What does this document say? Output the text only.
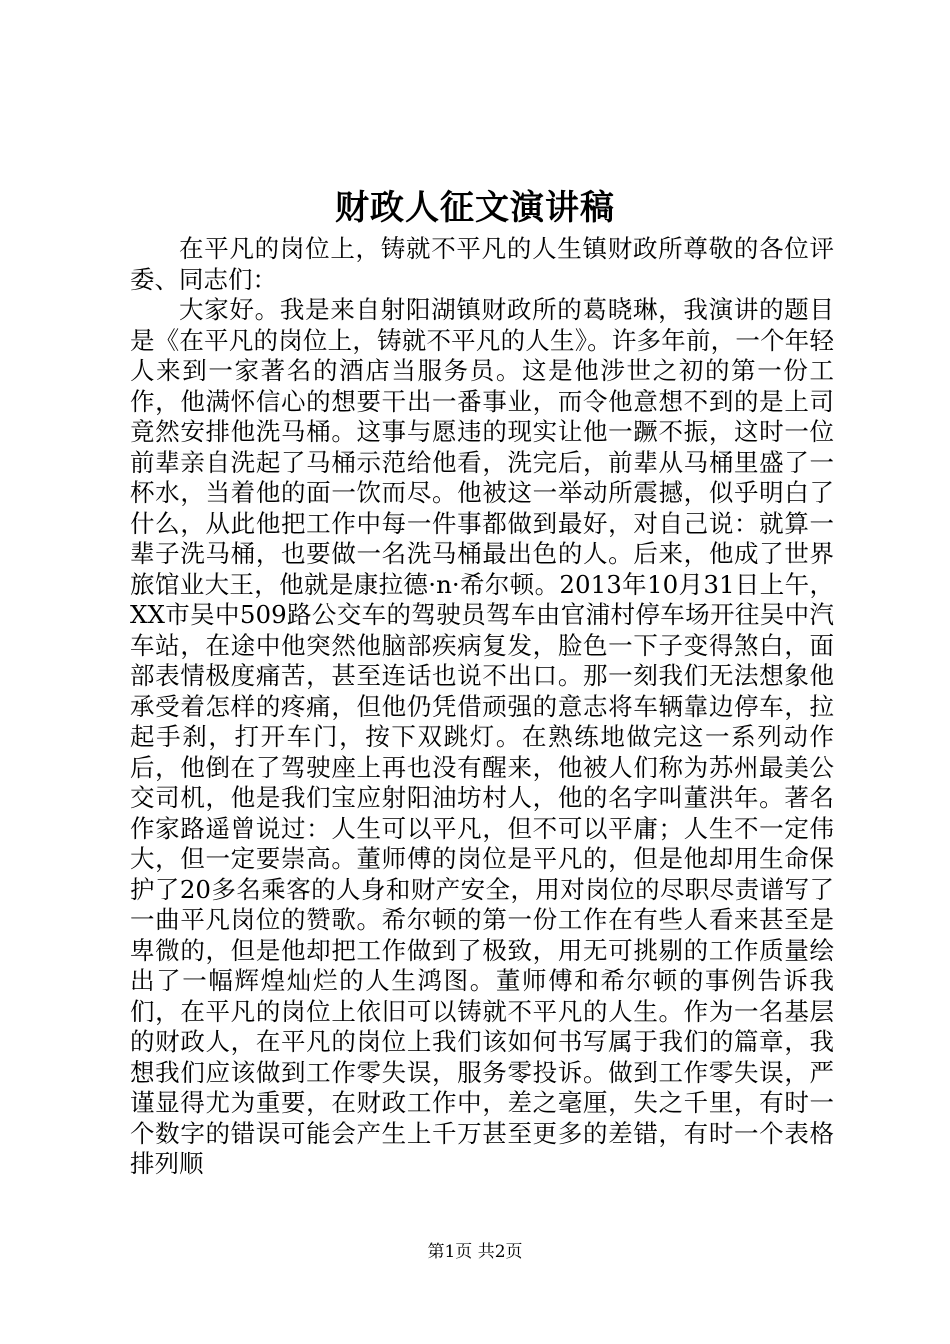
财政人征文演讲稿

在平凡的岗位上，铸就不平凡的人生镇财政所尊敬的各位评委、同志们：

大家好。我是来自射阳湖镇财政所的葛晓琳，我演讲的题目是《在平凡的岗位上，铸就不平凡的人生》。许多年前，一个年轻人来到一家著名的酒店当服务员。这是他涉世之初的第一份工作，他满怀信心的想要干出一番事业，而令他意想不到的是上司竟然安排他洗马桶。这事与愿违的现实让他一蹶不振，这时一位前辈亲自洗起了马桶示范给他看，洗完后，前辈从马桶里盛了一杯水，当着他的面一饮而尽。他被这一举动所震撼，似乎明白了什么，从此他把工作中每一件事都做到最好，对自己说：就算一辈子洗马桶，也要做一名洗马桶最出色的人。后来，他成了世界旅馆业大王，他就是康拉德·n·希尔顿。2013年10月31日上午，XX市吴中509路公交车的驾驶员驾车由官浦村停车场开往吴中汽车站，在途中他突然他脑部疾病复发，脸色一下子变得煞白，面部表情极度痛苦，甚至连话也说不出口。那一刻我们无法想象他承受着怎样的疼痛，但他仍凭借顽强的意志将车辆靠边停车，拉起手刹，打开车门，按下双跳灯。在熟练地做完这一系列动作后，他倒在了驾驶座上再也没有醒来，他被人们称为苏州最美公交司机，他是我们宝应射阳油坊村人，他的名字叫董洪年。著名作家路遥曾说过：人生可以平凡，但不可以平庸；人生不一定伟大，但一定要崇高。董师傅的岗位是平凡的，但是他却用生命保护了20多名乘客的人身和财产安全，用对岗位的尽职尽责谱写了一曲平凡岗位的赞歌。希尔顿的第一份工作在有些人看来甚至是卑微的，但是他却把工作做到了极致，用无可挑剔的工作质量绘出了一幅辉煌灿烂的人生鸿图。董师傅和希尔顿的事例告诉我们，在平凡的岗位上依旧可以铸就不平凡的人生。作为一名基层的财政人，在平凡的岗位上我们该如何书写属于我们的篇章，我想我们应该做到工作零失误，服务零投诉。做到工作零失误，严谨显得尤为重要，在财政工作中，差之毫厘，失之千里，有时一个数字的错误可能会产生上千万甚至更多的差错，有时一个表格排列顺

第1页 共2页
